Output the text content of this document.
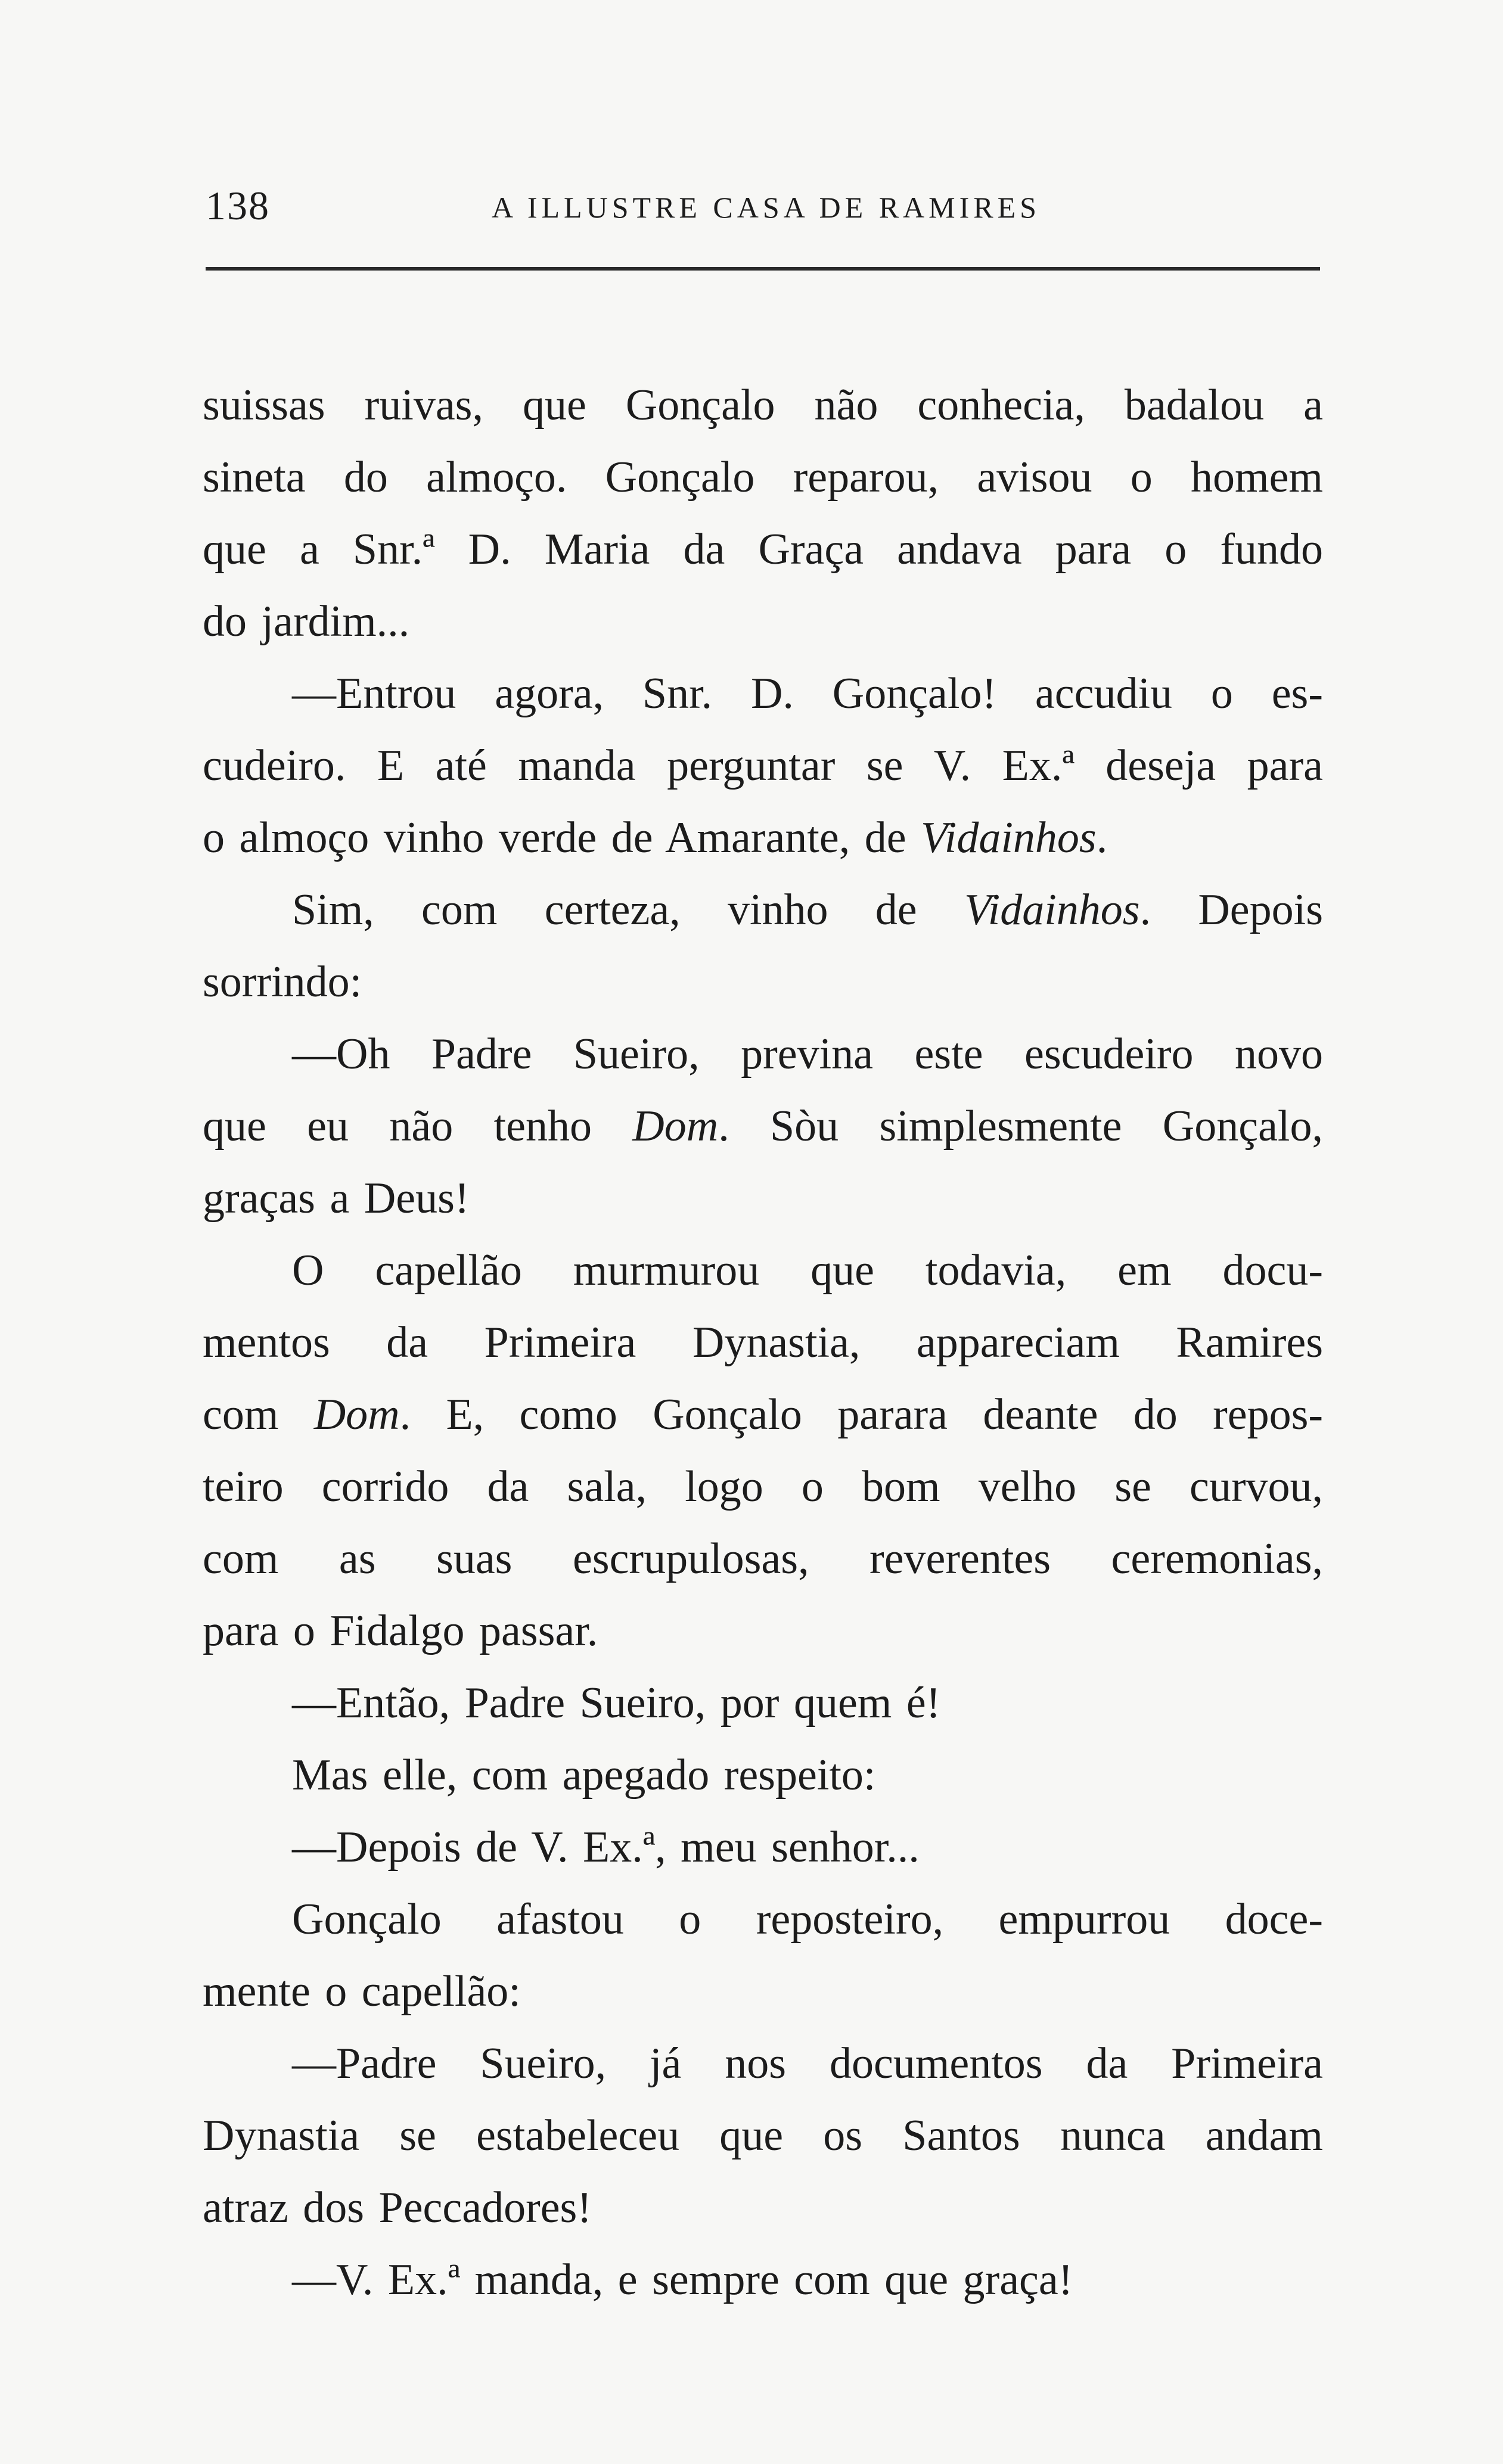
138	A ILLUSTRE CASA DE RAMIRES
suissas ruivas, que Gonçalo não conhecia, badalou a
sineta do almoço. Gonçalo reparou, avisou o homem
que a Snr.ª D. Maria da Graça andava para o fundo
do jardim...
—Entrou agora, Snr. D. Gonçalo! accudiu o es-
cudeiro. E até manda perguntar se V. Ex.ª deseja para
o almoço vinho verde de Amarante, de Vidainhos.
Sim, com certeza, vinho de Vidainhos. Depois
sorrindo:
—Oh Padre Sueiro, previna este escudeiro novo
que eu não tenho Dom. Sòu simplesmente Gonçalo,
graças a Deus!
O capellão murmurou que todavia, em docu-
mentos da Primeira Dynastia, appareciam Ramires
com Dom. E, como Gonçalo parara deante do repos-
teiro corrido da sala, logo o bom velho se curvou,
com as suas escrupulosas, reverentes ceremonias,
para o Fidalgo passar.
—Então, Padre Sueiro, por quem é!
Mas elle, com apegado respeito:
—Depois de V. Ex.ª, meu senhor...
Gonçalo afastou o reposteiro, empurrou doce-
mente o capellão:
—Padre Sueiro, já nos documentos da Primeira
Dynastia se estabeleceu que os Santos nunca andam
atraz dos Peccadores!
—V. Ex.ª manda, e sempre com que graça!
